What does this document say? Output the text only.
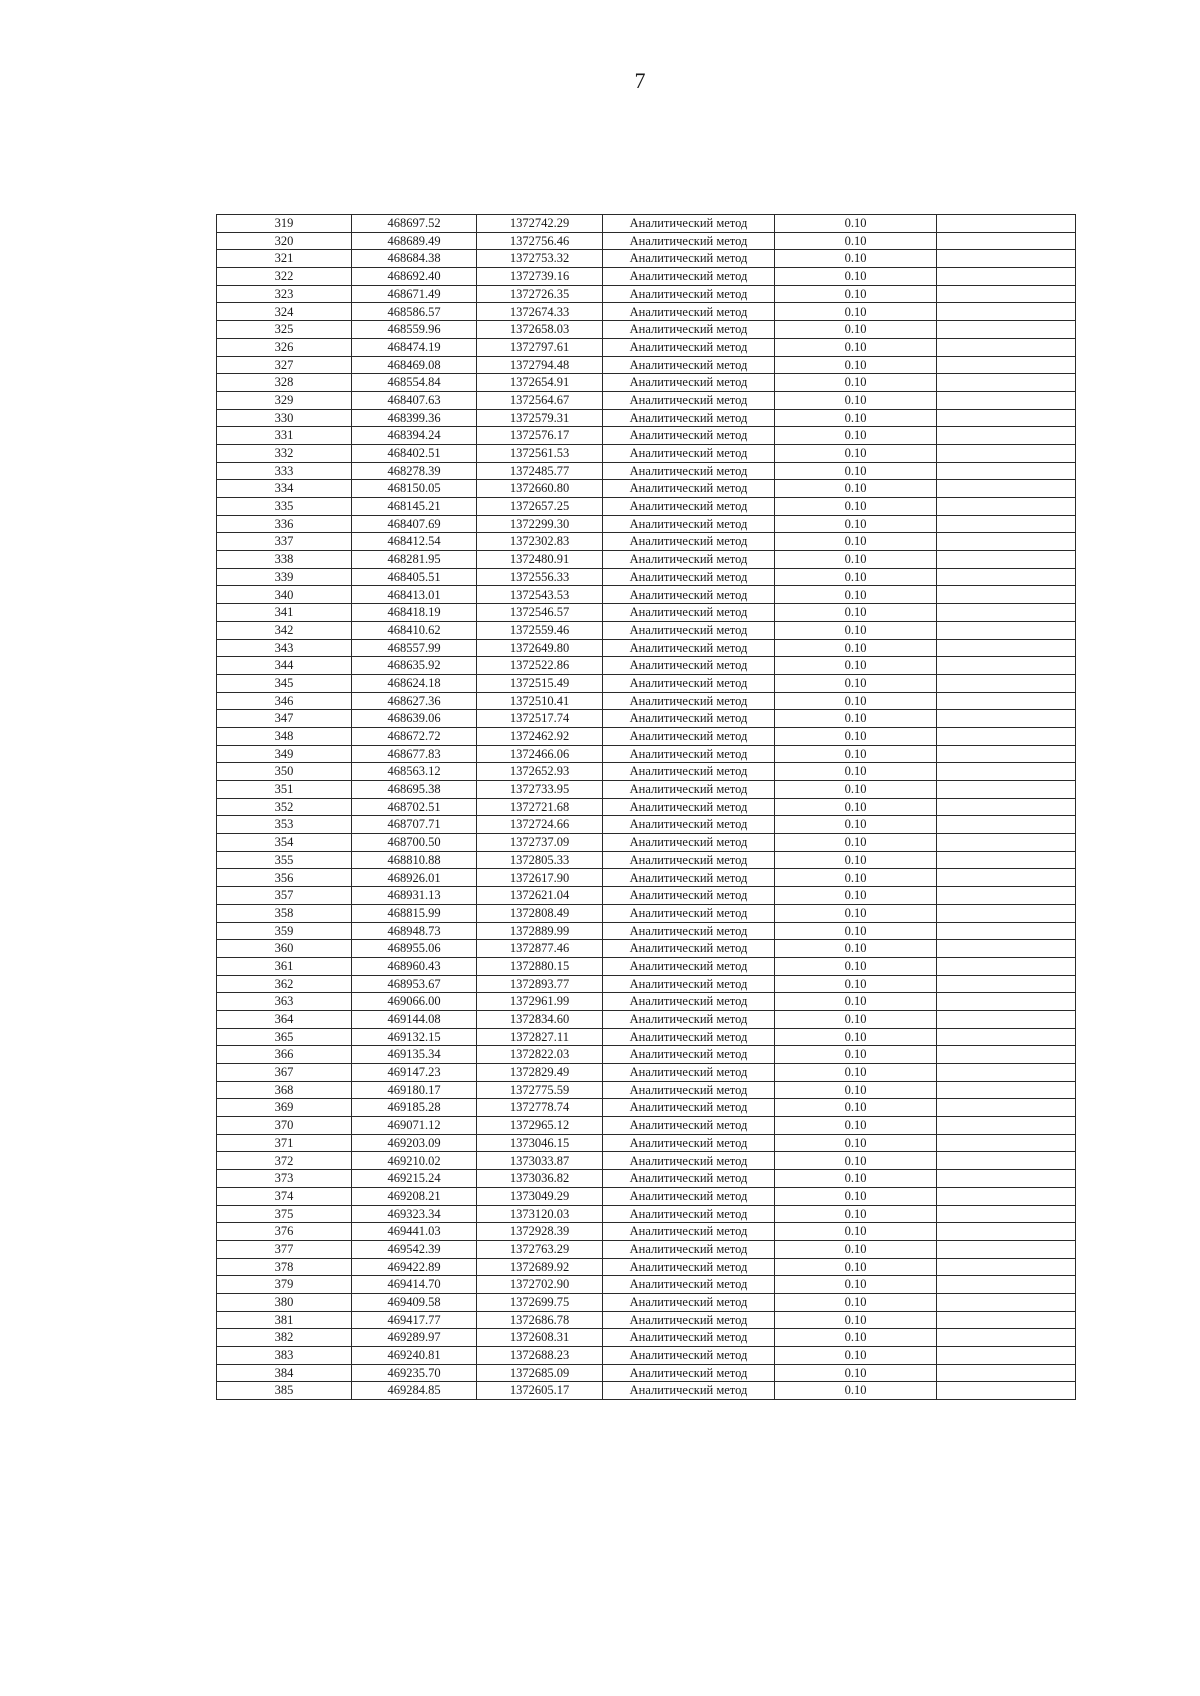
7
319	468697.52	1372742.29	Аналитический метод	0.10	
320	468689.49	1372756.46	Аналитический метод	0.10	
321	468684.38	1372753.32	Аналитический метод	0.10	
322	468692.40	1372739.16	Аналитический метод	0.10	
323	468671.49	1372726.35	Аналитический метод	0.10	
324	468586.57	1372674.33	Аналитический метод	0.10	
325	468559.96	1372658.03	Аналитический метод	0.10	
326	468474.19	1372797.61	Аналитический метод	0.10	
327	468469.08	1372794.48	Аналитический метод	0.10	
328	468554.84	1372654.91	Аналитический метод	0.10	
329	468407.63	1372564.67	Аналитический метод	0.10	
330	468399.36	1372579.31	Аналитический метод	0.10	
331	468394.24	1372576.17	Аналитический метод	0.10	
332	468402.51	1372561.53	Аналитический метод	0.10	
333	468278.39	1372485.77	Аналитический метод	0.10	
334	468150.05	1372660.80	Аналитический метод	0.10	
335	468145.21	1372657.25	Аналитический метод	0.10	
336	468407.69	1372299.30	Аналитический метод	0.10	
337	468412.54	1372302.83	Аналитический метод	0.10	
338	468281.95	1372480.91	Аналитический метод	0.10	
339	468405.51	1372556.33	Аналитический метод	0.10	
340	468413.01	1372543.53	Аналитический метод	0.10	
341	468418.19	1372546.57	Аналитический метод	0.10	
342	468410.62	1372559.46	Аналитический метод	0.10	
343	468557.99	1372649.80	Аналитический метод	0.10	
344	468635.92	1372522.86	Аналитический метод	0.10	
345	468624.18	1372515.49	Аналитический метод	0.10	
346	468627.36	1372510.41	Аналитический метод	0.10	
347	468639.06	1372517.74	Аналитический метод	0.10	
348	468672.72	1372462.92	Аналитический метод	0.10	
349	468677.83	1372466.06	Аналитический метод	0.10	
350	468563.12	1372652.93	Аналитический метод	0.10	
351	468695.38	1372733.95	Аналитический метод	0.10	
352	468702.51	1372721.68	Аналитический метод	0.10	
353	468707.71	1372724.66	Аналитический метод	0.10	
354	468700.50	1372737.09	Аналитический метод	0.10	
355	468810.88	1372805.33	Аналитический метод	0.10	
356	468926.01	1372617.90	Аналитический метод	0.10	
357	468931.13	1372621.04	Аналитический метод	0.10	
358	468815.99	1372808.49	Аналитический метод	0.10	
359	468948.73	1372889.99	Аналитический метод	0.10	
360	468955.06	1372877.46	Аналитический метод	0.10	
361	468960.43	1372880.15	Аналитический метод	0.10	
362	468953.67	1372893.77	Аналитический метод	0.10	
363	469066.00	1372961.99	Аналитический метод	0.10	
364	469144.08	1372834.60	Аналитический метод	0.10	
365	469132.15	1372827.11	Аналитический метод	0.10	
366	469135.34	1372822.03	Аналитический метод	0.10	
367	469147.23	1372829.49	Аналитический метод	0.10	
368	469180.17	1372775.59	Аналитический метод	0.10	
369	469185.28	1372778.74	Аналитический метод	0.10	
370	469071.12	1372965.12	Аналитический метод	0.10	
371	469203.09	1373046.15	Аналитический метод	0.10	
372	469210.02	1373033.87	Аналитический метод	0.10	
373	469215.24	1373036.82	Аналитический метод	0.10	
374	469208.21	1373049.29	Аналитический метод	0.10	
375	469323.34	1373120.03	Аналитический метод	0.10	
376	469441.03	1372928.39	Аналитический метод	0.10	
377	469542.39	1372763.29	Аналитический метод	0.10	
378	469422.89	1372689.92	Аналитический метод	0.10	
379	469414.70	1372702.90	Аналитический метод	0.10	
380	469409.58	1372699.75	Аналитический метод	0.10	
381	469417.77	1372686.78	Аналитический метод	0.10	
382	469289.97	1372608.31	Аналитический метод	0.10	
383	469240.81	1372688.23	Аналитический метод	0.10	
384	469235.70	1372685.09	Аналитический метод	0.10	
385	469284.85	1372605.17	Аналитический метод	0.10	
